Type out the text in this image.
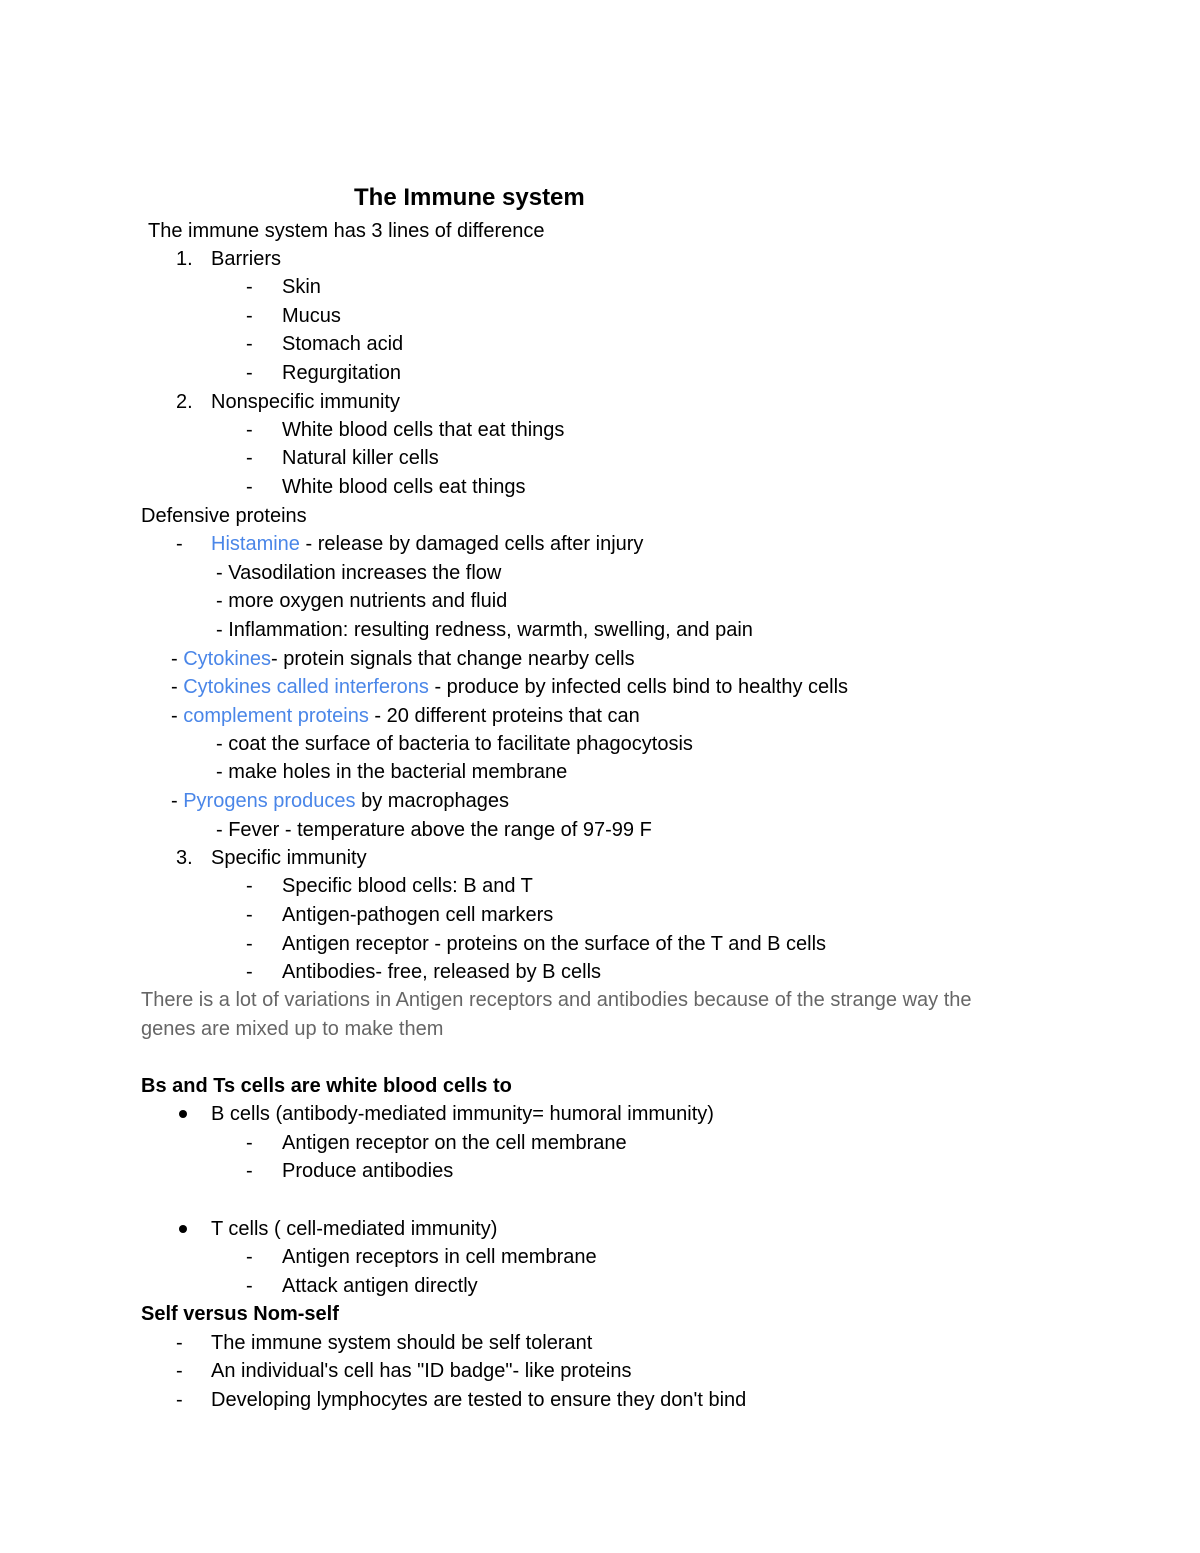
The Immune system
The immune system has 3 lines of difference
1. Barriers
- Skin
- Mucus
- Stomach acid
- Regurgitation
2. Nonspecific immunity
- White blood cells that eat things
- Natural killer cells
- White blood cells eat things
Defensive proteins
- Histamine - release by damaged cells after injury
- Vasodilation increases the flow
- more oxygen nutrients and fluid
- Inflammation: resulting redness, warmth, swelling, and pain
- Cytokines- protein signals that change nearby cells
- Cytokines called interferons - produce by infected cells bind to healthy cells
- complement proteins - 20 different proteins that can
- coat the surface of bacteria to facilitate phagocytosis
- make holes in the bacterial membrane
- Pyrogens produces by macrophages
- Fever - temperature above the range of 97-99 F
3. Specific immunity
- Specific blood cells: B and T
- Antigen-pathogen cell markers
- Antigen receptor - proteins on the surface of the T and B cells
- Antibodies- free, released by B cells
There is a lot of variations in Antigen receptors and antibodies because of the strange way the
genes are mixed up to make them
Bs and Ts cells are white blood cells to
B cells (antibody-mediated immunity= humoral immunity)
- Antigen receptor on the cell membrane
- Produce antibodies
T cells ( cell-mediated immunity)
- Antigen receptors in cell membrane
- Attack antigen directly
Self versus Nom-self
- The immune system should be self tolerant
- An individual's cell has "ID badge"- like proteins
- Developing lymphocytes are tested to ensure they don't bind
